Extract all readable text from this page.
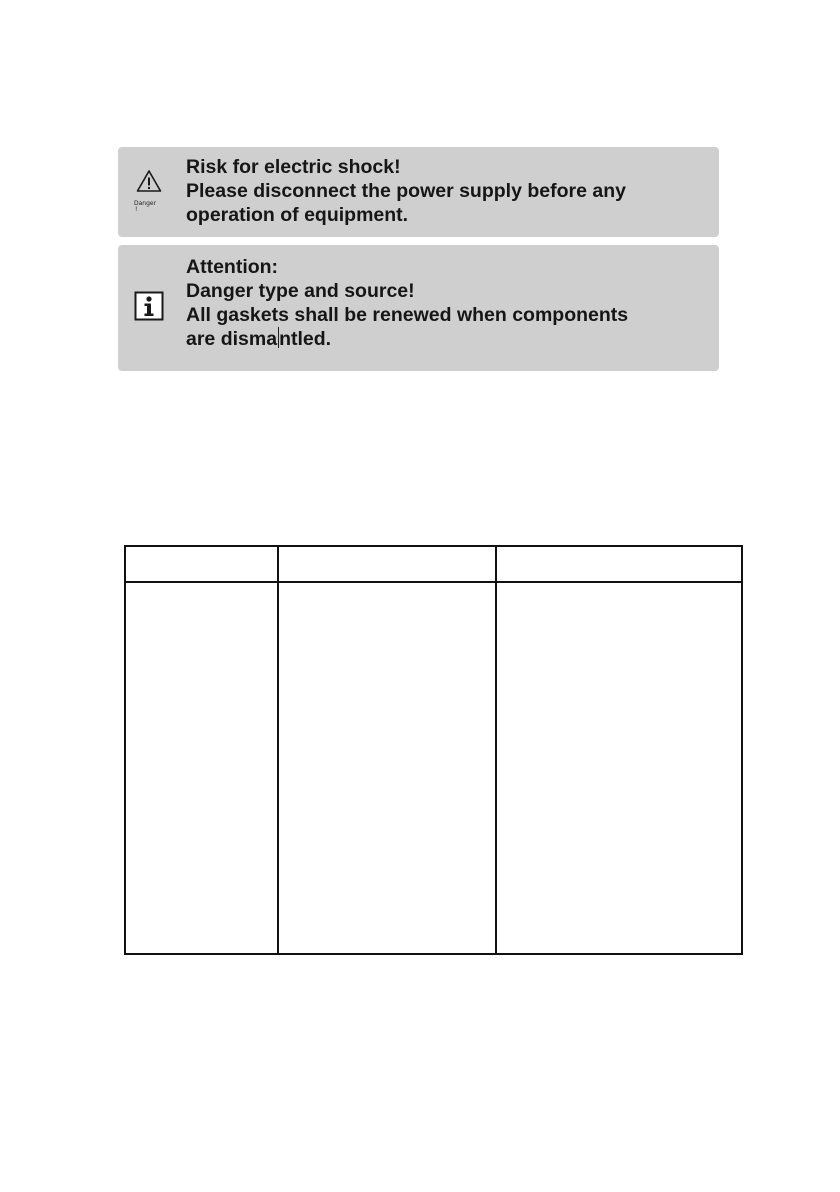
Danger
!
Risk for electric shock!
Please disconnect the power supply before any
operation of equipment.
Attention:
Danger type and source!
All gaskets shall be renewed when components
are disma ntled.
